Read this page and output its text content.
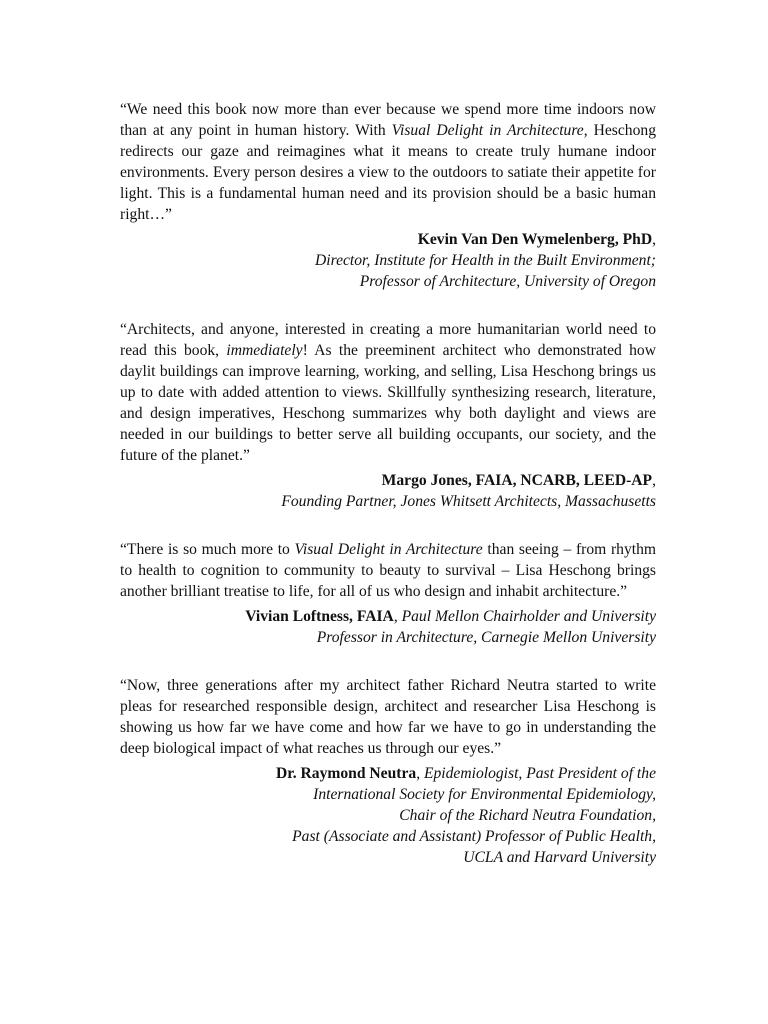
“We need this book now more than ever because we spend more time indoors now than at any point in human history. With Visual Delight in Architecture, Heschong redirects our gaze and reimagines what it means to create truly humane indoor environments. Every person desires a view to the outdoors to satiate their appetite for light. This is a fundamental human need and its provision should be a basic human right…”

Kevin Van Den Wymelenberg, PhD,
Director, Institute for Health in the Built Environment;
Professor of Architecture, University of Oregon

“Architects, and anyone, interested in creating a more humanitarian world need to read this book, immediately! As the preeminent architect who demonstrated how daylit buildings can improve learning, working, and selling, Lisa Heschong brings us up to date with added attention to views. Skillfully synthesizing research, literature, and design imperatives, Heschong summarizes why both daylight and views are needed in our buildings to better serve all building occupants, our society, and the future of the planet.”

Margo Jones, FAIA, NCARB, LEED-AP,
Founding Partner, Jones Whitsett Architects, Massachusetts

“There is so much more to Visual Delight in Architecture than seeing – from rhythm to health to cognition to community to beauty to survival – Lisa Heschong brings another brilliant treatise to life, for all of us who design and inhabit architecture.”

Vivian Loftness, FAIA, Paul Mellon Chairholder and University
Professor in Architecture, Carnegie Mellon University

“Now, three generations after my architect father Richard Neutra started to write pleas for researched responsible design, architect and researcher Lisa Heschong is showing us how far we have come and how far we have to go in understanding the deep biological impact of what reaches us through our eyes.”

Dr. Raymond Neutra, Epidemiologist, Past President of the
International Society for Environmental Epidemiology,
Chair of the Richard Neutra Foundation,
Past (Associate and Assistant) Professor of Public Health,
UCLA and Harvard University
